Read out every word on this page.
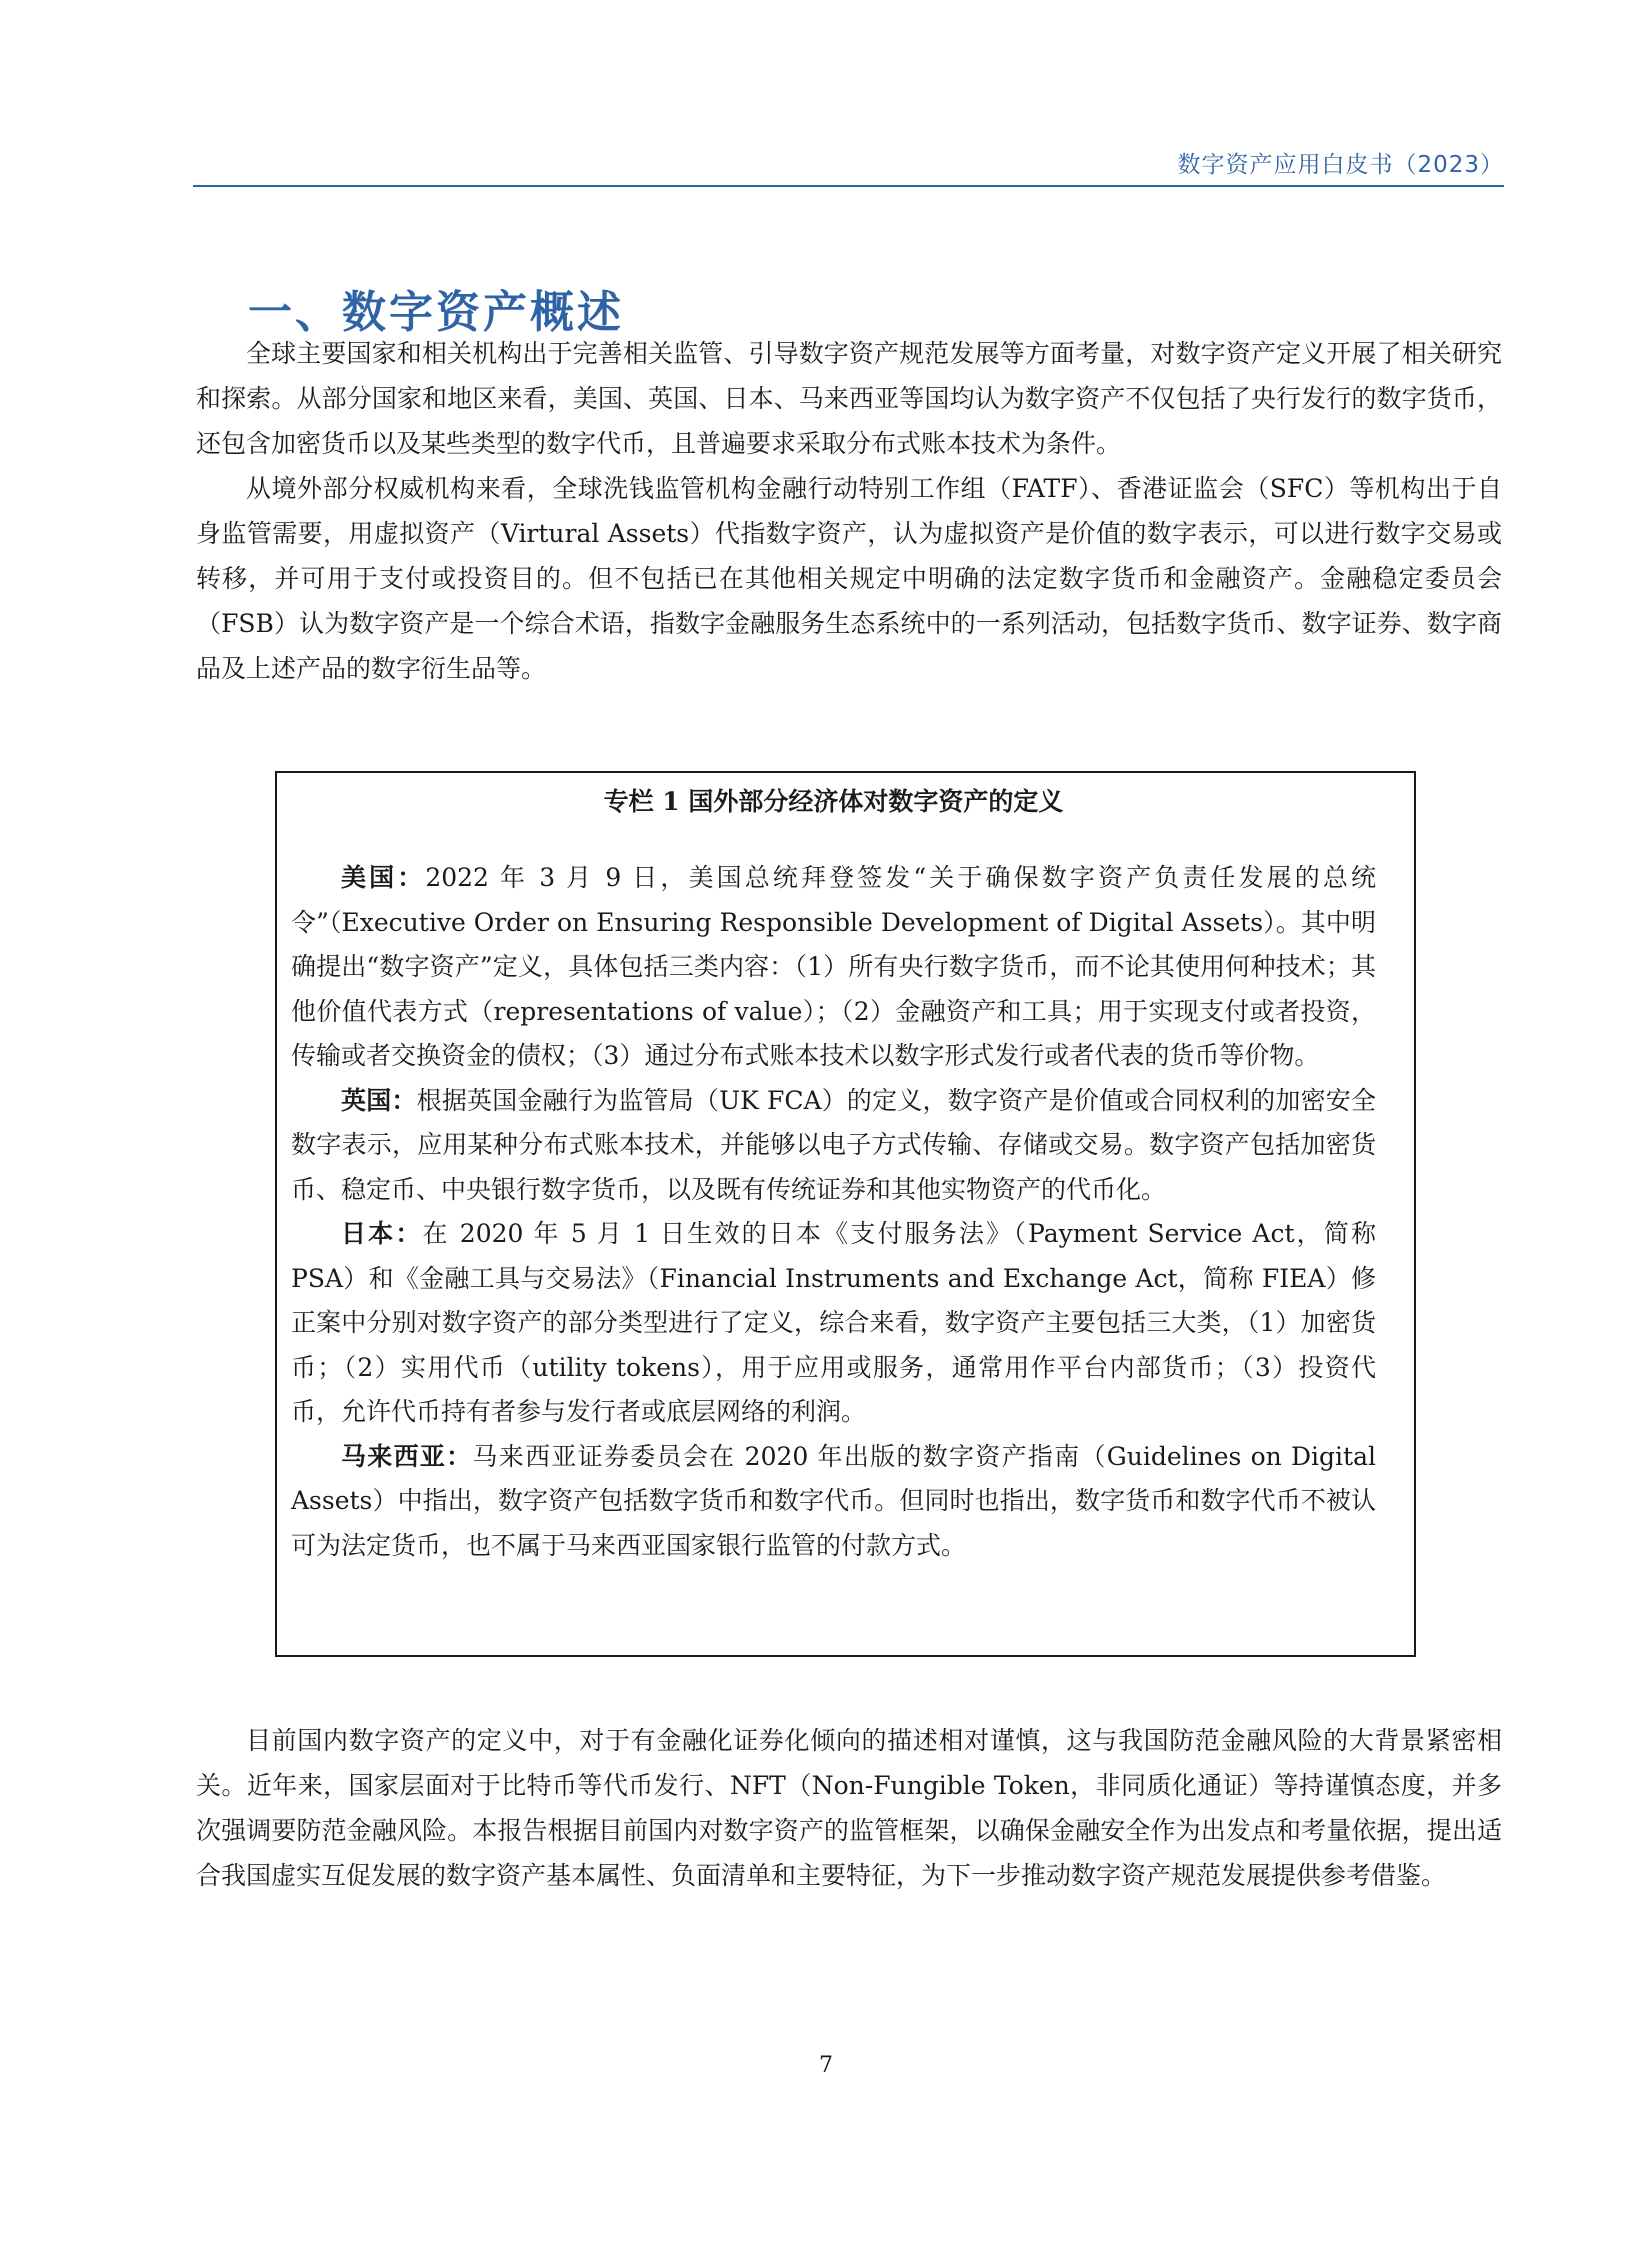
数字资产应用白皮书（2023）
一、数字资产概述

全球主要国家和相关机构出于完善相关监管、引导数字资产规范发展等方面考量，对数字资产定义开展了相关研究和探索。从部分国家和地区来看，美国、英国、日本、马来西亚等国均认为数字资产不仅包括了央行发行的数字货币，还包含加密货币以及某些类型的数字代币，且普遍要求采取分布式账本技术为条件。

从境外部分权威机构来看，全球洗钱监管机构金融行动特别工作组（FATF）、香港证监会（SFC）等机构出于自身监管需要，用虚拟资产（Virtural Assets）代指数字资产，认为虚拟资产是价值的数字表示，可以进行数字交易或转移，并可用于支付或投资目的。但不包括已在其他相关规定中明确的法定数字货币和金融资产。金融稳定委员会（FSB）认为数字资产是一个综合术语，指数字金融服务生态系统中的一系列活动，包括数字货币、数字证券、数字商品及上述产品的数字衍生品等。

专栏 1 国外部分经济体对数字资产的定义

美国：2022 年 3 月 9 日，美国总统拜登签发“关于确保数字资产负责任发展的总统令”（Executive Order on Ensuring Responsible Development of Digital Assets）。其中明确提出“数字资产”定义，具体包括三类内容：（1）所有央行数字货币，而不论其使用何种技术；其他价值代表方式（representations of value）；（2）金融资产和工具；用于实现支付或者投资，传输或者交换资金的债权；（3）通过分布式账本技术以数字形式发行或者代表的货币等价物。

英国：根据英国金融行为监管局（UK FCA）的定义，数字资产是价值或合同权利的加密安全数字表示，应用某种分布式账本技术，并能够以电子方式传输、存储或交易。数字资产包括加密货币、稳定币、中央银行数字货币，以及既有传统证券和其他实物资产的代币化。

日本：在 2020 年 5 月 1 日生效的日本《支付服务法》（Payment Service Act，简称 PSA）和《金融工具与交易法》（Financial Instruments and Exchange Act，简称 FIEA）修正案中分别对数字资产的部分类型进行了定义，综合来看，数字资产主要包括三大类，（1）加密货币；（2）实用代币（utility tokens），用于应用或服务，通常用作平台内部货币；（3）投资代币，允许代币持有者参与发行者或底层网络的利润。

马来西亚：马来西亚证券委员会在 2020 年出版的数字资产指南（Guidelines on Digital Assets）中指出，数字资产包括数字货币和数字代币。但同时也指出，数字货币和数字代币不被认可为法定货币，也不属于马来西亚国家银行监管的付款方式。

目前国内数字资产的定义中，对于有金融化证券化倾向的描述相对谨慎，这与我国防范金融风险的大背景紧密相关。近年来，国家层面对于比特币等代币发行、NFT（Non-Fungible Token，非同质化通证）等持谨慎态度，并多次强调要防范金融风险。本报告根据目前国内对数字资产的监管框架，以确保金融安全作为出发点和考量依据，提出适合我国虚实互促发展的数字资产基本属性、负面清单和主要特征，为下一步推动数字资产规范发展提供参考借鉴。

7
